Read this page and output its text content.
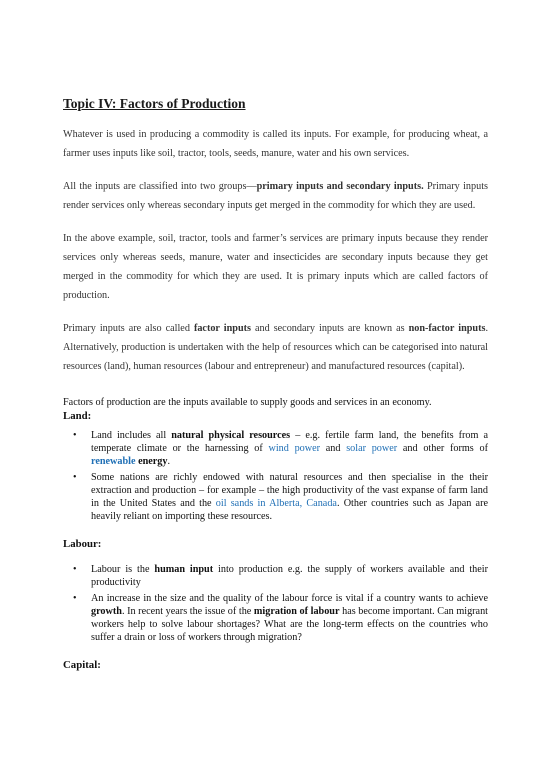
Topic IV: Factors of Production

Whatever is used in producing a commodity is called its inputs. For example, for producing wheat, a farmer uses inputs like soil, tractor, tools, seeds, manure, water and his own services.

All the inputs are classified into two groups—primary inputs and secondary inputs. Primary inputs render services only whereas secondary inputs get merged in the commodity for which they are used.

In the above example, soil, tractor, tools and farmer’s services are primary inputs because they render services only whereas seeds, manure, water and insecticides are secondary inputs because they get merged in the commodity for which they are used. It is primary inputs which are called factors of production.

Primary inputs are also called factor inputs and secondary inputs are known as non-factor inputs. Alternatively, production is undertaken with the help of resources which can be categorised into natural resources (land), human resources (labour and entrepreneur) and manufactured resources (capital).

Factors of production are the inputs available to supply goods and services in an economy.

Land:
• Land includes all natural physical resources – e.g. fertile farm land, the benefits from a temperate climate or the harnessing of wind power and solar power and other forms of renewable energy.
• Some nations are richly endowed with natural resources and then specialise in the their extraction and production – for example – the high productivity of the vast expanse of farm land in the United States and the oil sands in Alberta, Canada. Other countries such as Japan are heavily reliant on importing these resources.
Labour:
• Labour is the human input into production e.g. the supply of workers available and their productivity
• An increase in the size and the quality of the labour force is vital if a country wants to achieve growth. In recent years the issue of the migration of labour has become important. Can migrant workers help to solve labour shortages? What are the long-term effects on the countries who suffer a drain or loss of workers through migration?
Capital:
